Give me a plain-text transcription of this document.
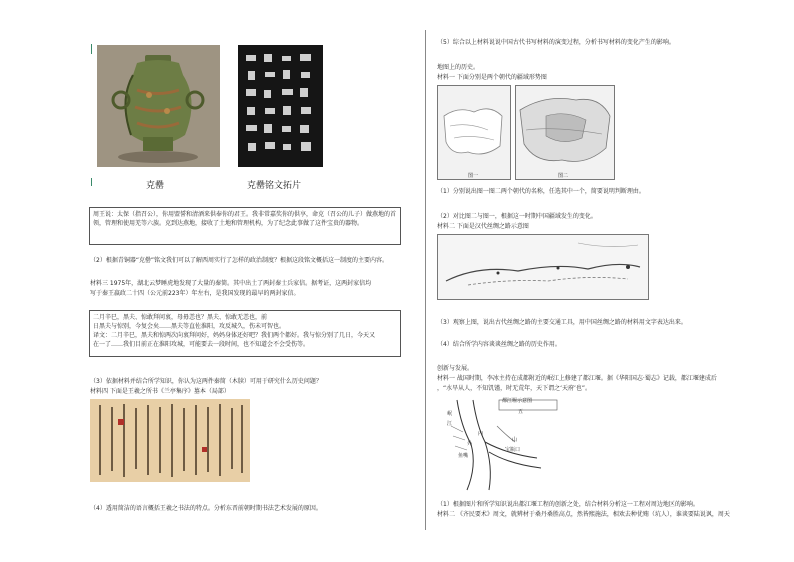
克罍	克罍铭文拓片
周王说：太保（指召公），你用盟誓和清酒来供奉你的君王。我非常嘉奖你的供享，命克（召公的儿子）做燕地的首领，管理和使用羌等六族。克到达燕地，接收了土地和管理机构，为了纪念此事做了这件宝贵的器物。
（2）根据青铜器“克罍”铭文我们可以了解西周实行了怎样的政治制度？根据这段铭文概括这一制度的主要内容。
材料三 1975年，湖北云梦睡虎地发现了大量的秦简。其中出土了两封秦士兵家信。据考证，这两封家信均
写于秦王嬴政二十四（公元前223年）年左右，是我国发现的最早的两封家信。
二月辛巳，黑夫、惊敢拜问衷，母毋恙也？黑夫、惊敢无恙也，前
日黑夫与惊别，今复会矣……黑夫等直佐淮阳，攻反城久，伤未可智也。
译文：二月辛巳，黑夫和惊两次向衷拜问好，妈妈身体还好吧？我们两个都好。我与惊分别了几日，今天又
在一了……我们目前正在淮阳攻城，可能要去一段时间，也不知道会不会受伤等。
（3）依据材料并结合所学知识，你认为这两件秦简（木牍）可用于研究什么历史问题？
材料四 下面是王羲之所书《兰亭集序》墓本（局部）
（4）透用简洁的语言概括王羲之书法的特点。分析东晋前朝时期书法艺术发展的原因。
（5）综合以上材料说说中国古代书写材料的演变过程，分析书写材料的变化产生的影响。
地图上的历史。
材料一 下面分别是两个朝代的疆域形势图
图一	图二
（1）分别说出图一图二两个朝代的名称，任选其中一个，简要说明判断理由。
（2）对比图二与图一，根据这一时期中国疆域发生的变化。
材料二 下面是汉代丝绸之路示意图
（3）观察上图，说出古代丝绸之路的主要交通工具，用中国丝绸之路的材料用文字表达出来。
（4）结合所学内容谈谈丝绸之路的历史作用。
创新与发展。
材料一 战国时期，李冰主持在成都附近的岷江上修建了都江堰。据《华阳国志·蜀志》记载，都江堰建成后
，“水旱从人，不知饥馑，时无荒年，天下谓之‘天府’也”。
都江堰示意图
岷
江
内
外
鱼嘴
宝瓶口
山
五
（1）根据图片和所学知识说出都江堰工程的创新之处，结合材料分析这一工程对周边地区的影响。
材料二 《齐民要术》周文，就辨材于桑丹桑胜高点，然皆熙施法，相欢去种优贿（坑人），谁谈要陆说讽，周天
